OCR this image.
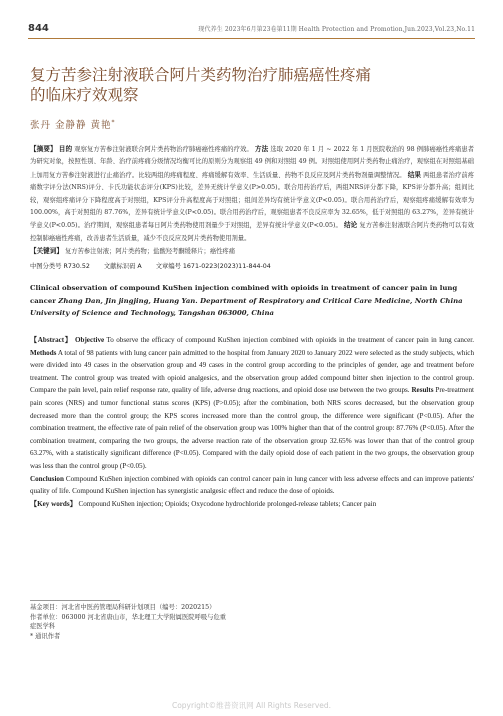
844	现代养生 2023年6月第23卷第11期 Health Protection and Promotion,Jun.2023,Vol.23,No.11
复方苦参注射液联合阿片类药物治疗肺癌癌性疼痛
的临床疗效观察
张丹 金静静 黄艳*
【摘要】 目的 观察复方苦参注射液联合阿片类药物治疗肺癌癌性疼痛的疗效。 方法 选取 2020 年 1 月 ~ 2022 年 1 月医院收治的 98 例肺癌癌性疼痛患者为研究对象，按照性别、年龄、治疗前疼痛分级情况均衡可比的原则分为观察组 49 例和对照组 49 例。对照组使用阿片类药物止痛治疗，观察组在对照组基础上加用复方苦参注射液进行止痛治疗。比较两组的疼痛程度、疼痛缓解有效率、生活质量、药物不良反应及阿片类药物剂量调整情况。 结果 两组患者治疗前疼痛数字评分法(NRS)评分、卡氏功能状态评分(KPS)比较，差异无统计学意义(P>0.05)。联合用药治疗后，两组NRS评分都下降，KPS评分都升高；组间比较，观察组疼痛评分下降程度高于对照组，KPS评分升高程度高于对照组；组间差异均有统计学意义(P<0.05)。联合用药治疗后，观察组疼痛缓解有效率为 100.00%，高于对照组的 87.76%，差异有统计学意义(P<0.05)。联合用药治疗后，观察组患者不良反应率为 32.65%，低于对照组的 63.27%，差异有统计学意义(P<0.05)。治疗期间，观察组患者每日阿片类药物使用剂量少于对照组，差异有统计学意义(P<0.05)。 结论 复方苦参注射液联合阿片类药物可以有效控制肺癌癌性疼痛，改善患者生活质量，减少不良反应及阿片类药物使用剂量。
【关键词】 复方苦参注射液；阿片类药物；盐酸羟考酮缓释片；癌性疼痛
中图分类号 R730.52 文献标识码 A 文章编号 1671-0223(2023)11-844-04
Clinical observation of compound KuShen injection combined with opioids in treatment of cancer pain in lung cancer Zhang Dan, Jin jingjing, Huang Yan. Department of Respiratory and Critical Care Medicine, North China University of Science and Technology, Tangshan 063000, China
【Abstract】 Objective To observe the efficacy of compound KuShen injection combined with opioids in the treatment of cancer pain in lung cancer. Methods A total of 98 patients with lung cancer pain admitted to the hospital from January 2020 to January 2022 were selected as the study subjects, which were divided into 49 cases in the observation group and 49 cases in the control group according to the principles of gender, age and treatment before treatment. The control group was treated with opioid analgesics, and the observation group added compound bitter shen injection to the control group. Compare the pain level, pain relief response rate, quality of life, adverse drug reactions, and opioid dose use between the two groups. Results Pre-treatment pain scores (NRS) and tumor functional status scores (KPS) (P>0.05); after the combination, both NRS scores decreased, but the observation group decreased more than the control group; the KPS scores increased more than the control group, the difference were significant (P<0.05). After the combination treatment, the effective rate of pain relief of the observation group was 100% higher than that of the control group: 87.76% (P<0.05). After the combination treatment, comparing the two groups, the adverse reaction rate of the observation group 32.65% was lower than that of the control group 63.27%, with a statistically significant difference (P<0.05). Compared with the daily opioid dose of each patient in the two groups, the observation group was less than the control group (P<0.05).
Conclusion Compound KuShen injection combined with opioids can control cancer pain in lung cancer with less adverse effects and can improve patients' quality of life. Compound KuShen injection has synergistic analgesic effect and reduce the dose of opioids.
【Key words】 Compound KuShen injection; Opioids; Oxycodone hydrochloride prolonged-release tablets; Cancer pain
基金项目：河北省中医药管理局科研计划项目（编号：2020215）
作者单位：063000 河北省唐山市，华北理工大学附属医院呼吸与危重症医学科
* 通讯作者
Copyright©维普资讯网 All Rights Reserved.
